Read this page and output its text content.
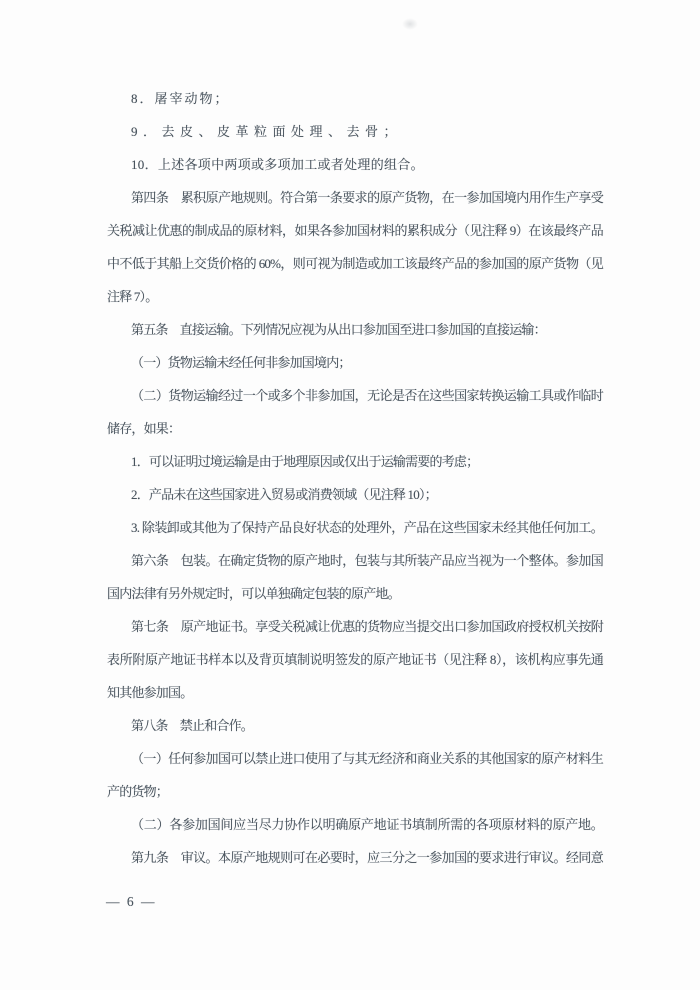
8．屠宰动物；
9．去皮、皮革粒面处理、去骨；
10．上述各项中两项或多项加工或者处理的组合。
第四条　累积原产地规则。符合第一条要求的原产货物，在一参加国境内用作生产享受
关税减让优惠的制成品的原材料，如果各参加国材料的累积成分（见注释 9）在该最终产品
中不低于其船上交货价格的 60%，则可视为制造或加工该最终产品的参加国的原产货物（见
注释 7）。
第五条　直接运输。下列情况应视为从出口参加国至进口参加国的直接运输：
（一）货物运输未经任何非参加国境内；
（二）货物运输经过一个或多个非参加国，无论是否在这些国家转换运输工具或作临时
储存，如果：
1．可以证明过境运输是由于地理原因或仅出于运输需要的考虑；
2．产品未在这些国家进入贸易或消费领域（见注释 10）；
3. 除装卸或其他为了保持产品良好状态的处理外，产品在这些国家未经其他任何加工。
第六条　包装。在确定货物的原产地时，包装与其所装产品应当视为一个整体。参加国
国内法律有另外规定时，可以单独确定包装的原产地。
第七条　原产地证书。享受关税减让优惠的货物应当提交出口参加国政府授权机关按附
表所附原产地证书样本以及背页填制说明签发的原产地证书（见注释 8），该机构应事先通
知其他参加国。
第八条　禁止和合作。
（一）任何参加国可以禁止进口使用了与其无经济和商业关系的其他国家的原产材料生
产的货物；
（二）各参加国间应当尽力协作以明确原产地证书填制所需的各项原材料的原产地。
第九条　审议。本原产地规则可在必要时，应三分之一参加国的要求进行审议。经同意
— 6 —
